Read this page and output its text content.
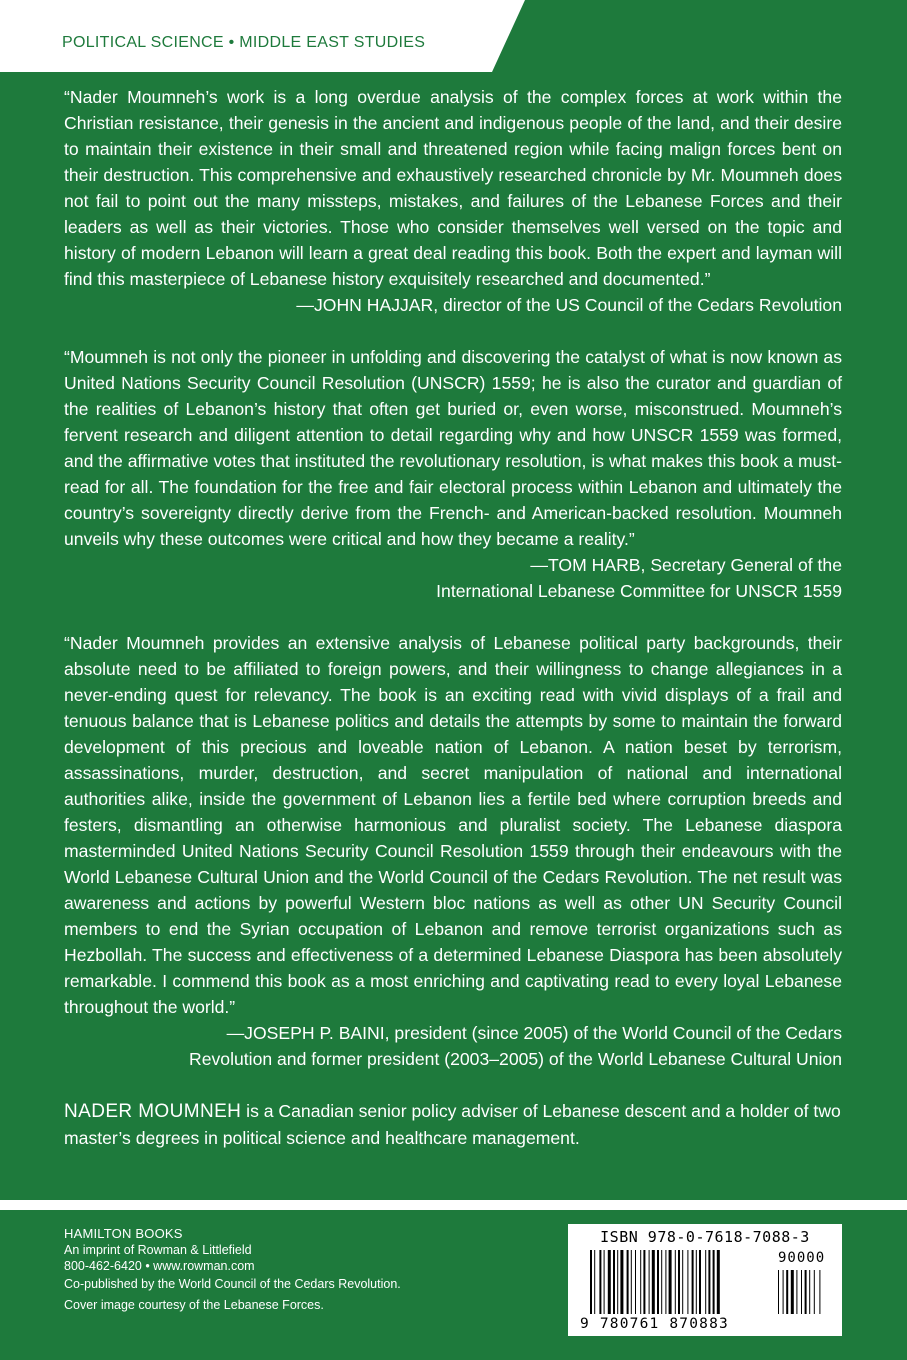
POLITICAL SCIENCE • MIDDLE EAST STUDIES

“Nader Moumneh’s work is a long overdue analysis of the complex forces at work within the Christian resistance, their genesis in the ancient and indigenous people of the land, and their desire to maintain their existence in their small and threatened region while facing malign forces bent on their destruction. This comprehensive and exhaustively researched chronicle by Mr. Moumneh does not fail to point out the many missteps, mistakes, and failures of the Lebanese Forces and their leaders as well as their victories. Those who consider themselves well versed on the topic and history of modern Lebanon will learn a great deal reading this book. Both the expert and layman will find this masterpiece of Lebanese history exquisitely researched and documented.”

—JOHN HAJJAR, director of the US Council of the Cedars Revolution

“Moumneh is not only the pioneer in unfolding and discovering the catalyst of what is now known as United Nations Security Council Resolution (UNSCR) 1559; he is also the curator and guardian of the realities of Lebanon’s history that often get buried or, even worse, misconstrued. Moumneh’s fervent research and diligent attention to detail regarding why and how UNSCR 1559 was formed, and the affirmative votes that instituted the revolutionary resolution, is what makes this book a must-read for all. The foundation for the free and fair electoral process within Lebanon and ultimately the country’s sovereignty directly derive from the French- and American-backed resolution. Moumneh unveils why these outcomes were critical and how they became a reality.”

—TOM HARB, Secretary General of the
International Lebanese Committee for UNSCR 1559

“Nader Moumneh provides an extensive analysis of Lebanese political party backgrounds, their absolute need to be affiliated to foreign powers, and their willingness to change allegiances in a never-ending quest for relevancy. The book is an exciting read with vivid displays of a frail and tenuous balance that is Lebanese politics and details the attempts by some to maintain the forward development of this precious and loveable nation of Lebanon. A nation beset by terrorism, assassinations, murder, destruction, and secret manipulation of national and international authorities alike, inside the government of Lebanon lies a fertile bed where corruption breeds and festers, dismantling an otherwise harmonious and pluralist society. The Lebanese diaspora masterminded United Nations Security Council Resolution 1559 through their endeavours with the World Lebanese Cultural Union and the World Council of the Cedars Revolution. The net result was awareness and actions by powerful Western bloc nations as well as other UN Security Council members to end the Syrian occupation of Lebanon and remove terrorist organizations such as Hezbollah. The success and effectiveness of a determined Lebanese Diaspora has been absolutely remarkable. I commend this book as a most enriching and captivating read to every loyal Lebanese throughout the world.”

—JOSEPH P. BAINI, president (since 2005) of the World Council of the Cedars
Revolution and former president (2003–2005) of the World Lebanese Cultural Union

NADER MOUMNEH is a Canadian senior policy adviser of Lebanese descent and a holder of two master’s degrees in political science and healthcare management.

HAMILTON BOOKS
An imprint of Rowman & Littlefield
800-462-6420 • www.rowman.com
Co-published by the World Council of the Cedars Revolution.
Cover image courtesy of the Lebanese Forces.
ISBN 978-0-7618-7088-3
90000
9 780761 870883
